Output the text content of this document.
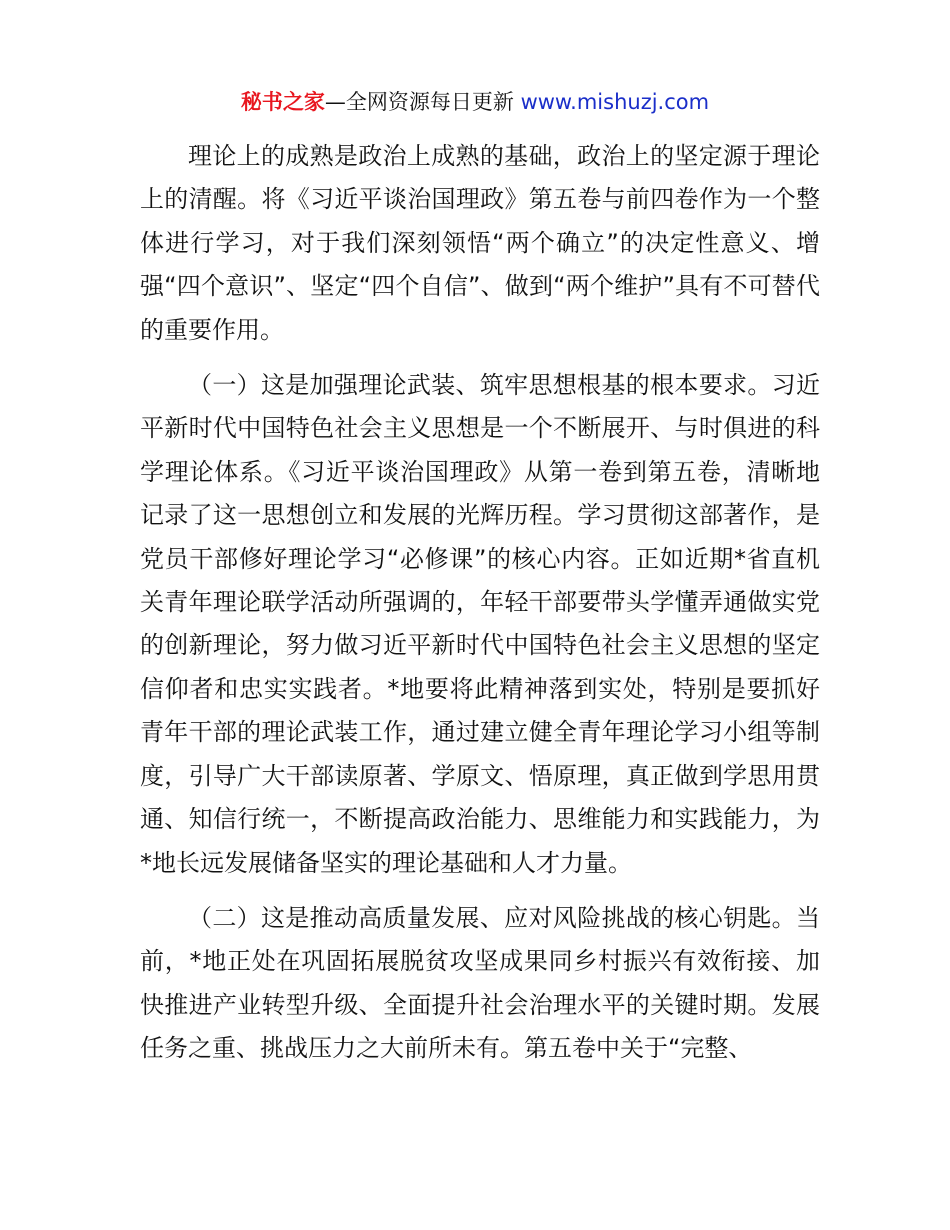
秘书之家—全网资源每日更新 www.mishuzj.com

理论上的成熟是政治上成熟的基础，政治上的坚定源于理论上的清醒。将《习近平谈治国理政》第五卷与前四卷作为一个整体进行学习，对于我们深刻领悟“两个确立”的决定性意义、增强“四个意识”、坚定“四个自信”、做到“两个维护”具有不可替代的重要作用。

（一）这是加强理论武装、筑牢思想根基的根本要求。习近平新时代中国特色社会主义思想是一个不断展开、与时俱进的科学理论体系。《习近平谈治国理政》从第一卷到第五卷，清晰地记录了这一思想创立和发展的光辉历程。学习贯彻这部著作，是党员干部修好理论学习“必修课”的核心内容。正如近期*省直机关青年理论联学活动所强调的，年轻干部要带头学懂弄通做实党的创新理论，努力做习近平新时代中国特色社会主义思想的坚定信仰者和忠实实践者。*地要将此精神落到实处，特别是要抓好青年干部的理论武装工作，通过建立健全青年理论学习小组等制度，引导广大干部读原著、学原文、悟原理，真正做到学思用贯通、知信行统一，不断提高政治能力、思维能力和实践能力，为*地长远发展储备坚实的理论基础和人才力量。

（二）这是推动高质量发展、应对风险挑战的核心钥匙。当前，*地正处在巩固拓展脱贫攻坚成果同乡村振兴有效衔接、加快推进产业转型升级、全面提升社会治理水平的关键时期。发展任务之重、挑战压力之大前所未有。第五卷中关于“完整、
